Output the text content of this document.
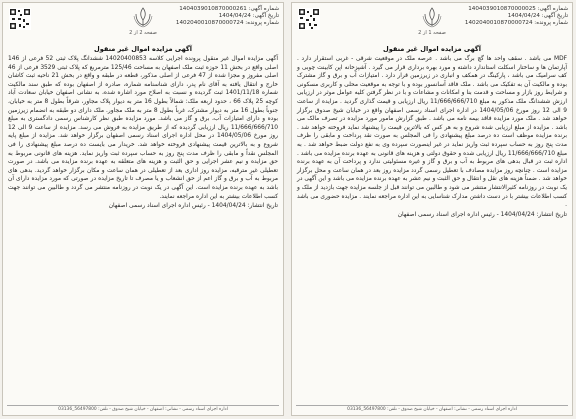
صفحه 2 از 2
شماره آگهی: 1404039010870000261
تاریخ آگهی: 1404/04/24
شماره پرونده: 1402040010870000724
آگهی مزایده اموال غیر منقول

آگهی مزایده اموال غیر منقول پرونده اجرایی کلاسه 14020400853 ششدانگ پلاک ثبتی 52 فرعی از 146 اصلی واقع در بخش 11 حوزه ثبت ملک اصفهان به مساحت 125/46 مترمربع که پلاک ثبتی 3529 فرعی از 46 اصلی مفروز و مجزا شده از 47 فرعی از اصلی مذکور، قطعه در طبقه و واقع در بخش 21 ناحیه ثبت کاشان خارج و انتقال یافته به آقای نام پدر، دارای شناسنامه شماره، صادره از اصفهان بوده که طبق سند مالکیت شماره 1401/11/18 ثبت گردیده و نسبت به اصلاح مورد اشاره شده، به نشانی اصفهان خیابان سعادت آباد کوچه 25 پلاک 66 ، حدود اربعه ملک: شمالاً بطول 16 متر به دیوار پلاک مجاور، شرقاً بطول 8 متر به خیابان، جنوباً بطول 16 متر به دیوار مشترک، غرباً بطول 8 متر به ملک مجاور. ملک دارای دو طبقه به انضمام زیرزمین بوده و دارای امتیازات آب، برق و گاز می باشد. مورد مزایده طبق نظر کارشناس رسمی دادگستری به مبلغ 11/666/666/710 ریال ارزیابی گردیده که از طریق مزایده به فروش می رسد. مزایده از ساعت 9 الی 12 روز مورخ 1404/05/06 در محل اداره اجرای اسناد رسمی اصفهان برگزار خواهد شد. مزایده از مبلغ پایه شروع و به بالاترین قیمت پیشنهادی فروخته خواهد شد. خریدار می بایست ده درصد مبلغ پیشنهادی را فی المجلس نقداً و مابقی را ظرف مدت پنج روز به حساب سپرده ثبت واریز نماید. هزینه های قانونی مربوط به حق مزایده و نیم عشر اجرایی و حق الثبت و هزینه های متعلقه به عهده برنده مزایده می باشد. در صورت تعطیلی غیر مترقبه، مزایده روز اداری بعد از تعطیلی در همان ساعت و مکان برگزار خواهد گردید. بدهی های مربوط به آب و برق و گاز اعم از حق انشعاب و یا مصرف تا تاریخ مزایده در صورتی که مورد مزایده دارای آن باشد به عهده برنده مزایده است. این آگهی در یک نوبت در روزنامه منتشر می گردد و طالبین می توانند جهت کسب اطلاعات بیشتر به این اداره مراجعه نمایند.

تاریخ انتشار: 1404/04/24 - رئیس اداره اجرای اسناد رسمی اصفهان
اداره اجرای اسناد رسمی - نشانی: اصفهان - خیابان شیخ صدوق - تلفن: 56497800_03136
صفحه 1 از 2
شماره آگهی: 1404039010870000025
تاریخ آگهی: 1404/04/24
شماره پرونده: 1402040010870000724
آگهی مزایده اموال غیر منقول

MDF می باشد . سقف واحد ها گچ برگ می باشد . عرصه ملک در موقعیت شرقی - غربی استقرار دارد . آپارتمان ها و ساختار اسکلت استاندارد داشته و مورد بهره برداری قرار می گیرد . آشپزخانه اپن کابینت چوبی و کف سرامیک می باشد ، پارکینگ در همکف و انباری در زیرزمین قرار دارد . امتیازات آب و برق و گاز مشترک بوده و مالکیت آن به تفکیک می باشد . ملک فاقد آسانسور بوده و با توجه به موقعیت محلی و کاربری مسکونی و شرایط روز بازار و مساحت و قدمت بنا و امکانات و مشاعات و با در نظر گرفتن کلیه عوامل موثر در ارزیابی ارزش ششدانگ ملک مذکور به مبلغ 11/666/666/710 ریال ارزیابی و قیمت گذاری گردید . مزایده از ساعت 9 الی 12 روز مورخ 1404/05/06 در اداره اجرای اسناد رسمی اصفهان واقع در خیابان شیخ صدوق برگزار خواهد شد . ملک مورد مزایده فاقد بیمه نامه می باشد . طبق گزارش مامور مورد مزایده در تصرف مالک می باشد . مزایده از مبلغ ارزیابی شده شروع و به هر کس که بالاترین قیمت را پیشنهاد نماید فروخته خواهد شد . برنده مزایده موظف است ده درصد مبلغ پیشنهادی را فی المجلس به صورت نقد پرداخت و مابقی را ظرف مدت پنج روز به حساب سپرده ثبت واریز نماید در غیر اینصورت سپرده وی به نفع دولت ضبط خواهد شد . به مبلغ 11/666/666/710 ریال ارزیابی شده و حقوق دولتی و هزینه های قانونی به عهده برنده مزایده می باشد . اداره ثبت در قبال بدهی های مربوط به آب و برق و گاز و غیره مسئولیتی ندارد و پرداخت آن به عهده برنده مزایده است . چنانچه روز مزایده مصادف با تعطیل رسمی گردد مزایده روز بعد در همان ساعت و محل برگزار خواهد شد . ضمناً هزینه های نقل و انتقال و حق الثبت و نیم عشر به عهده برنده مزایده می باشد و این آگهی در یک نوبت در روزنامه کثیرالانتشار منتشر می شود و طالبین می توانند قبل از جلسه مزایده جهت بازدید از ملک و کسب اطلاعات بیشتر با در دست داشتن مدارک شناسایی به این اداره مراجعه نمایند . مزایده حضوری می باشد .

تاریخ انتشار: 1404/04/24 - رئیس اداره اجرای اسناد رسمی اصفهان
اداره اجرای اسناد رسمی - نشانی: اصفهان - خیابان شیخ صدوق - تلفن: 56497800_03136
